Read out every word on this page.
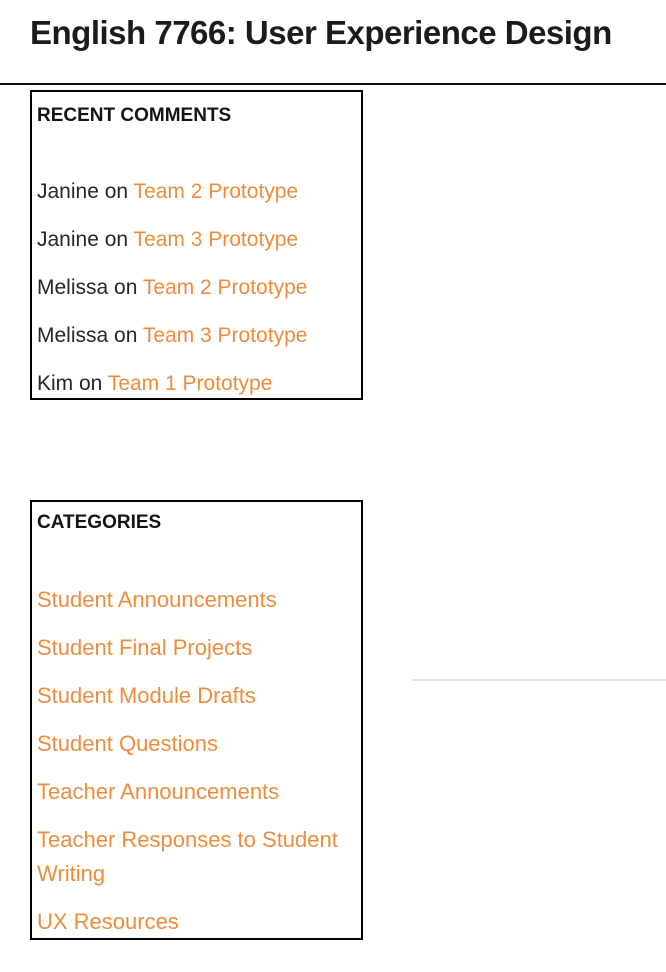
English 7766: User Experience Design
RECENT COMMENTS
Janine on Team 2 Prototype
Janine on Team 3 Prototype
Melissa on Team 2 Prototype
Melissa on Team 3 Prototype
Kim on Team 1 Prototype
CATEGORIES
Student Announcements
Student Final Projects
Student Module Drafts
Student Questions
Teacher Announcements
Teacher Responses to Student Writing
UX Resources
